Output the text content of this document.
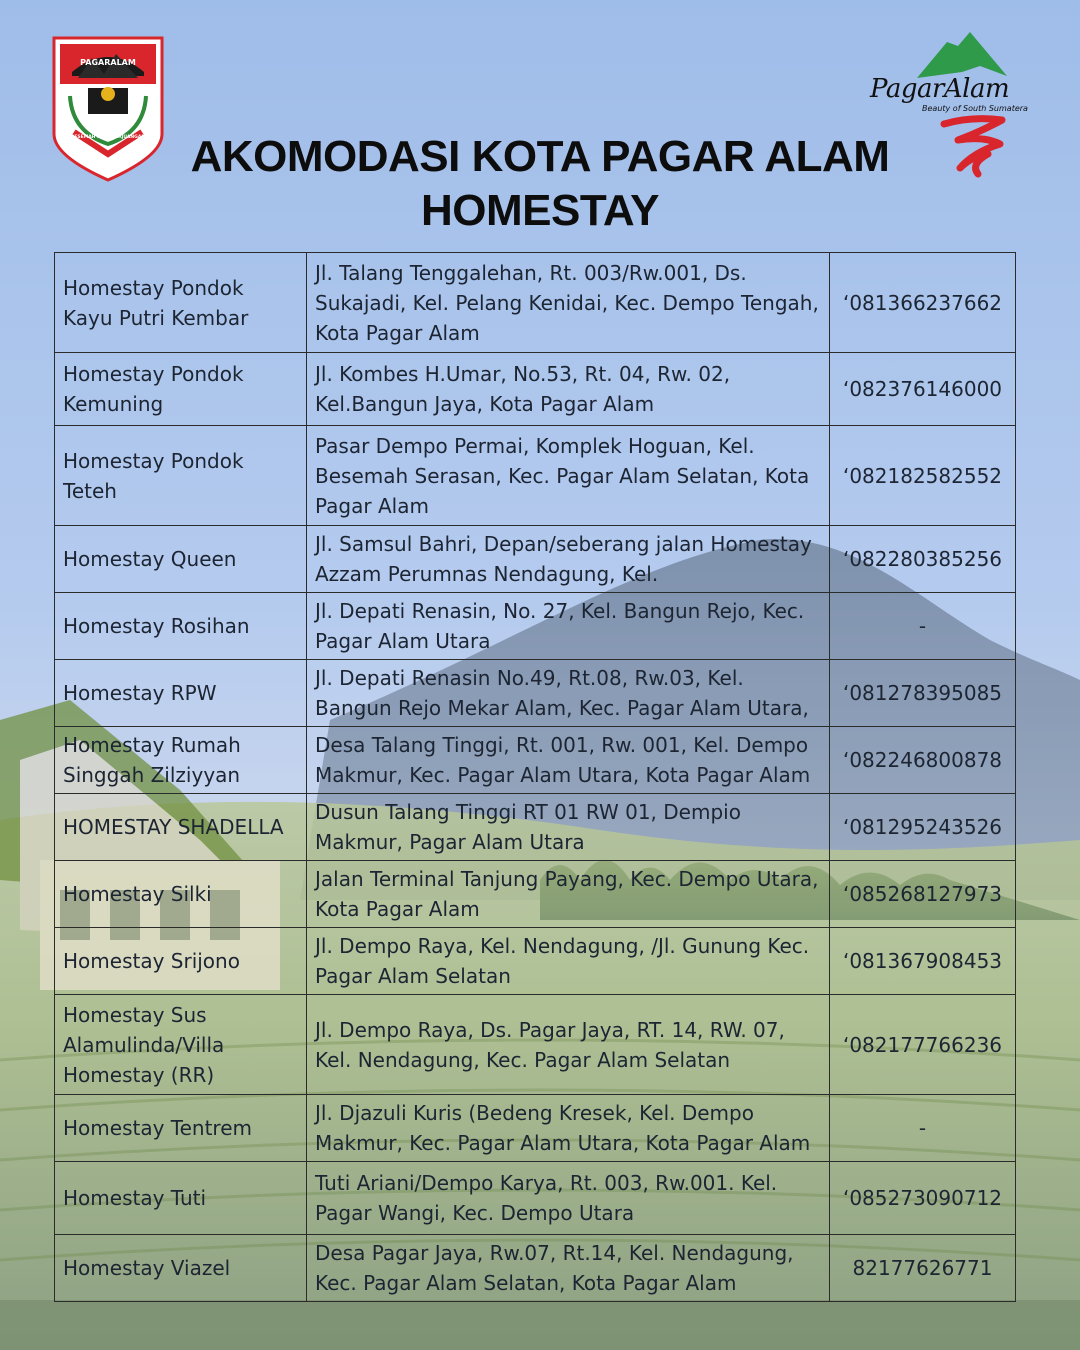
PAGARALAM
BESEMAH KOTA PERJUANGAN	AKOMODASI KOTA PAGAR ALAM
HOMESTAY
PagarAlam
Beauty of South Sumatera
Homestay Pondok Kayu Putri Kembar	Jl. Talang Tenggalehan, Rt. 003/Rw.001, Ds. Sukajadi, Kel. Pelang Kenidai, Kec. Dempo Tengah, Kota Pagar Alam	‘081366237662
Homestay Pondok Kemuning	Jl. Kombes H.Umar, No.53, Rt. 04, Rw. 02, Kel.Bangun Jaya, Kota Pagar Alam	‘082376146000
Homestay Pondok Teteh	Pasar Dempo Permai, Komplek Hoguan, Kel. Besemah Serasan, Kec. Pagar Alam Selatan, Kota Pagar Alam	‘082182582552
Homestay Queen	Jl. Samsul Bahri, Depan/seberang jalan Homestay Azzam Perumnas Nendagung, Kel.	‘082280385256
Homestay Rosihan	Jl. Depati Renasin, No. 27, Kel. Bangun Rejo, Kec. Pagar Alam Utara	-
Homestay RPW	Jl. Depati Renasin No.49, Rt.08, Rw.03, Kel. Bangun Rejo Mekar Alam, Kec. Pagar Alam Utara,	‘081278395085
Homestay Rumah Singgah Zilziyyan	Desa Talang Tinggi, Rt. 001, Rw. 001, Kel. Dempo Makmur, Kec. Pagar Alam Utara, Kota Pagar Alam	‘082246800878
HOMESTAY SHADELLA	Dusun Talang Tinggi RT 01 RW 01, Dempio Makmur, Pagar Alam Utara	‘081295243526
Homestay Silki	Jalan Terminal Tanjung Payang, Kec. Dempo Utara, Kota Pagar Alam	‘085268127973
Homestay Srijono	Jl. Dempo Raya, Kel. Nendagung, /Jl. Gunung Kec. Pagar Alam Selatan	‘081367908453
Homestay Sus Alamulinda/Villa Homestay (RR)	Jl. Dempo Raya, Ds. Pagar Jaya, RT. 14, RW. 07, Kel. Nendagung, Kec. Pagar Alam Selatan	‘082177766236
Homestay Tentrem	Jl. Djazuli Kuris (Bedeng Kresek, Kel. Dempo Makmur, Kec. Pagar Alam Utara, Kota Pagar Alam	-
Homestay Tuti	Tuti Ariani/Dempo Karya, Rt. 003, Rw.001. Kel. Pagar Wangi, Kec. Dempo Utara	‘085273090712
Homestay Viazel	Desa Pagar Jaya, Rw.07, Rt.14, Kel. Nendagung, Kec. Pagar Alam Selatan, Kota Pagar Alam	82177626771
